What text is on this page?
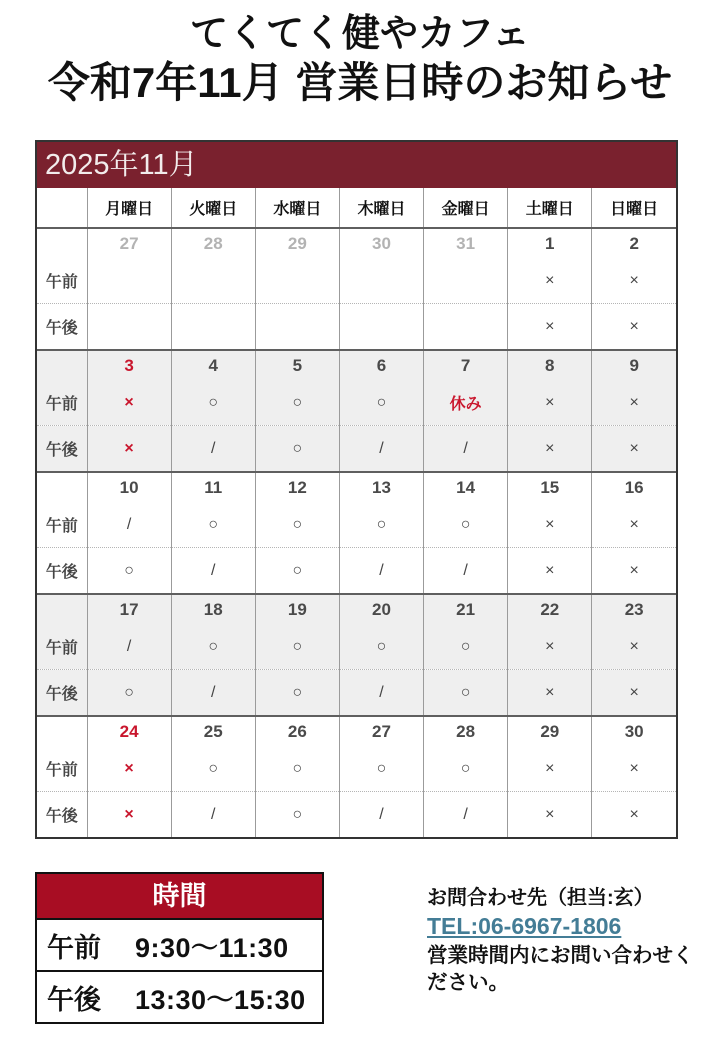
てくてく健やカフェ
令和7年11月 営業日時のお知らせ
2025年11月
	月曜日	火曜日	水曜日	木曜日	金曜日	土曜日	日曜日
	27	28	29	30	31	1	2
午前						×	×
午後						×	×
	3	4	5	6	7	8	9
午前	×	○	○	○	休み	×	×
午後	×	/	○	/	/	×	×
	10	11	12	13	14	15	16
午前	/	○	○	○	○	×	×
午後	○	/	○	/	/	×	×
	17	18	19	20	21	22	23
午前	/	○	○	○	○	×	×
午後	○	/	○	/	○	×	×
	24	25	26	27	28	29	30
午前	×	○	○	○	○	×	×
午後	×	/	○	/	/	×	×
時間
午前	9:30〜11:30
午後	13:30〜15:30
お問合わせ先（担当:玄）
TEL:06-6967-1806
営業時間内にお問い合わせください。
